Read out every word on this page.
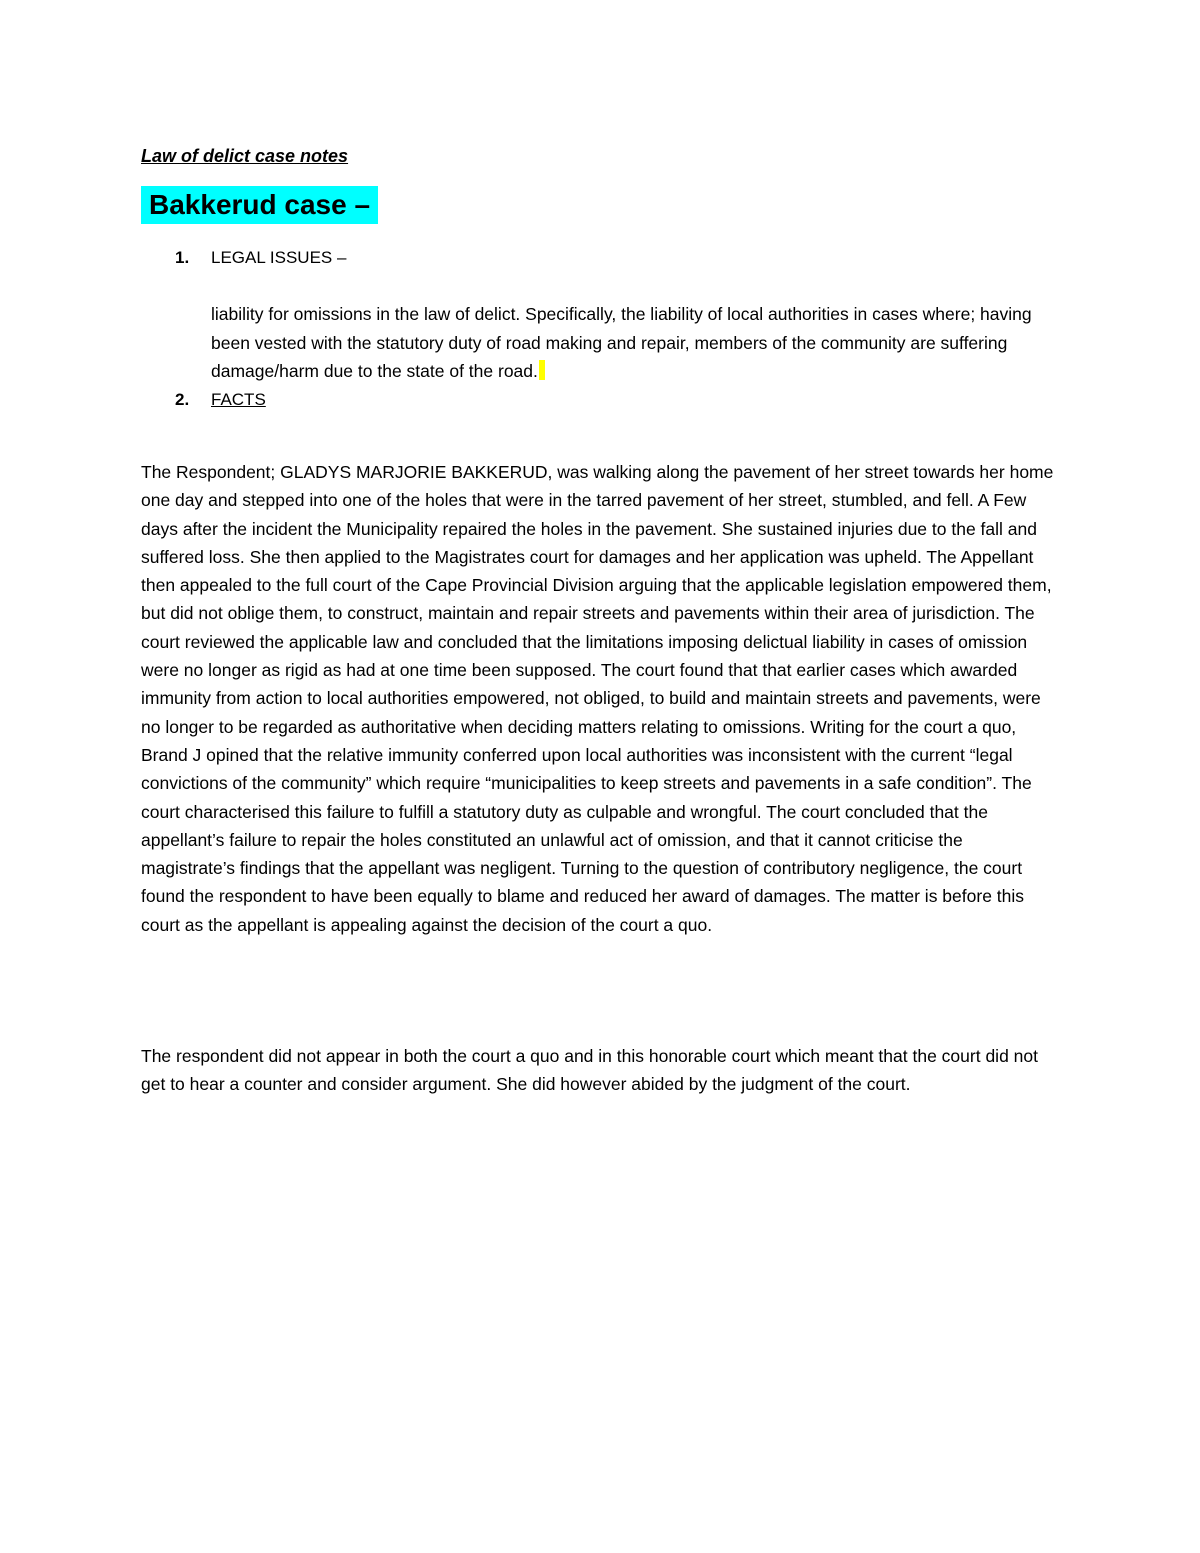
Law of delict case notes

Bakkerud case –
1. LEGAL ISSUES –

liability for omissions in the law of delict. Specifically, the liability of local authorities in cases where; having been vested with the statutory duty of road making and repair, members of the community are suffering damage/harm due to the state of the road.

2. FACTS

The Respondent; GLADYS MARJORIE BAKKERUD, was walking along the pavement of her street towards her home one day and stepped into one of the holes that were in the tarred pavement of her street, stumbled, and fell. A Few days after the incident the Municipality repaired the holes in the pavement. She sustained injuries due to the fall and suffered loss. She then applied to the Magistrates court for damages and her application was upheld. The Appellant then appealed to the full court of the Cape Provincial Division arguing that the applicable legislation empowered them, but did not oblige them, to construct, maintain and repair streets and pavements within their area of jurisdiction. The court reviewed the applicable law and concluded that the limitations imposing delictual liability in cases of omission were no longer as rigid as had at one time been supposed. The court found that that earlier cases which awarded immunity from action to local authorities empowered, not obliged, to build and maintain streets and pavements, were no longer to be regarded as authoritative when deciding matters relating to omissions. Writing for the court a quo, Brand J opined that the relative immunity conferred upon local authorities was inconsistent with the current “legal convictions of the community” which require “municipalities to keep streets and pavements in a safe condition”. The court characterised this failure to fulfill a statutory duty as culpable and wrongful. The court concluded that the appellant’s failure to repair the holes constituted an unlawful act of omission, and that it cannot criticise the magistrate’s findings that the appellant was negligent. Turning to the question of contributory negligence, the court found the respondent to have been equally to blame and reduced her award of damages. The matter is before this court as the appellant is appealing against the decision of the court a quo.

The respondent did not appear in both the court a quo and in this honorable court which meant that the court did not get to hear a counter and consider argument. She did however abided by the judgment of the court.
